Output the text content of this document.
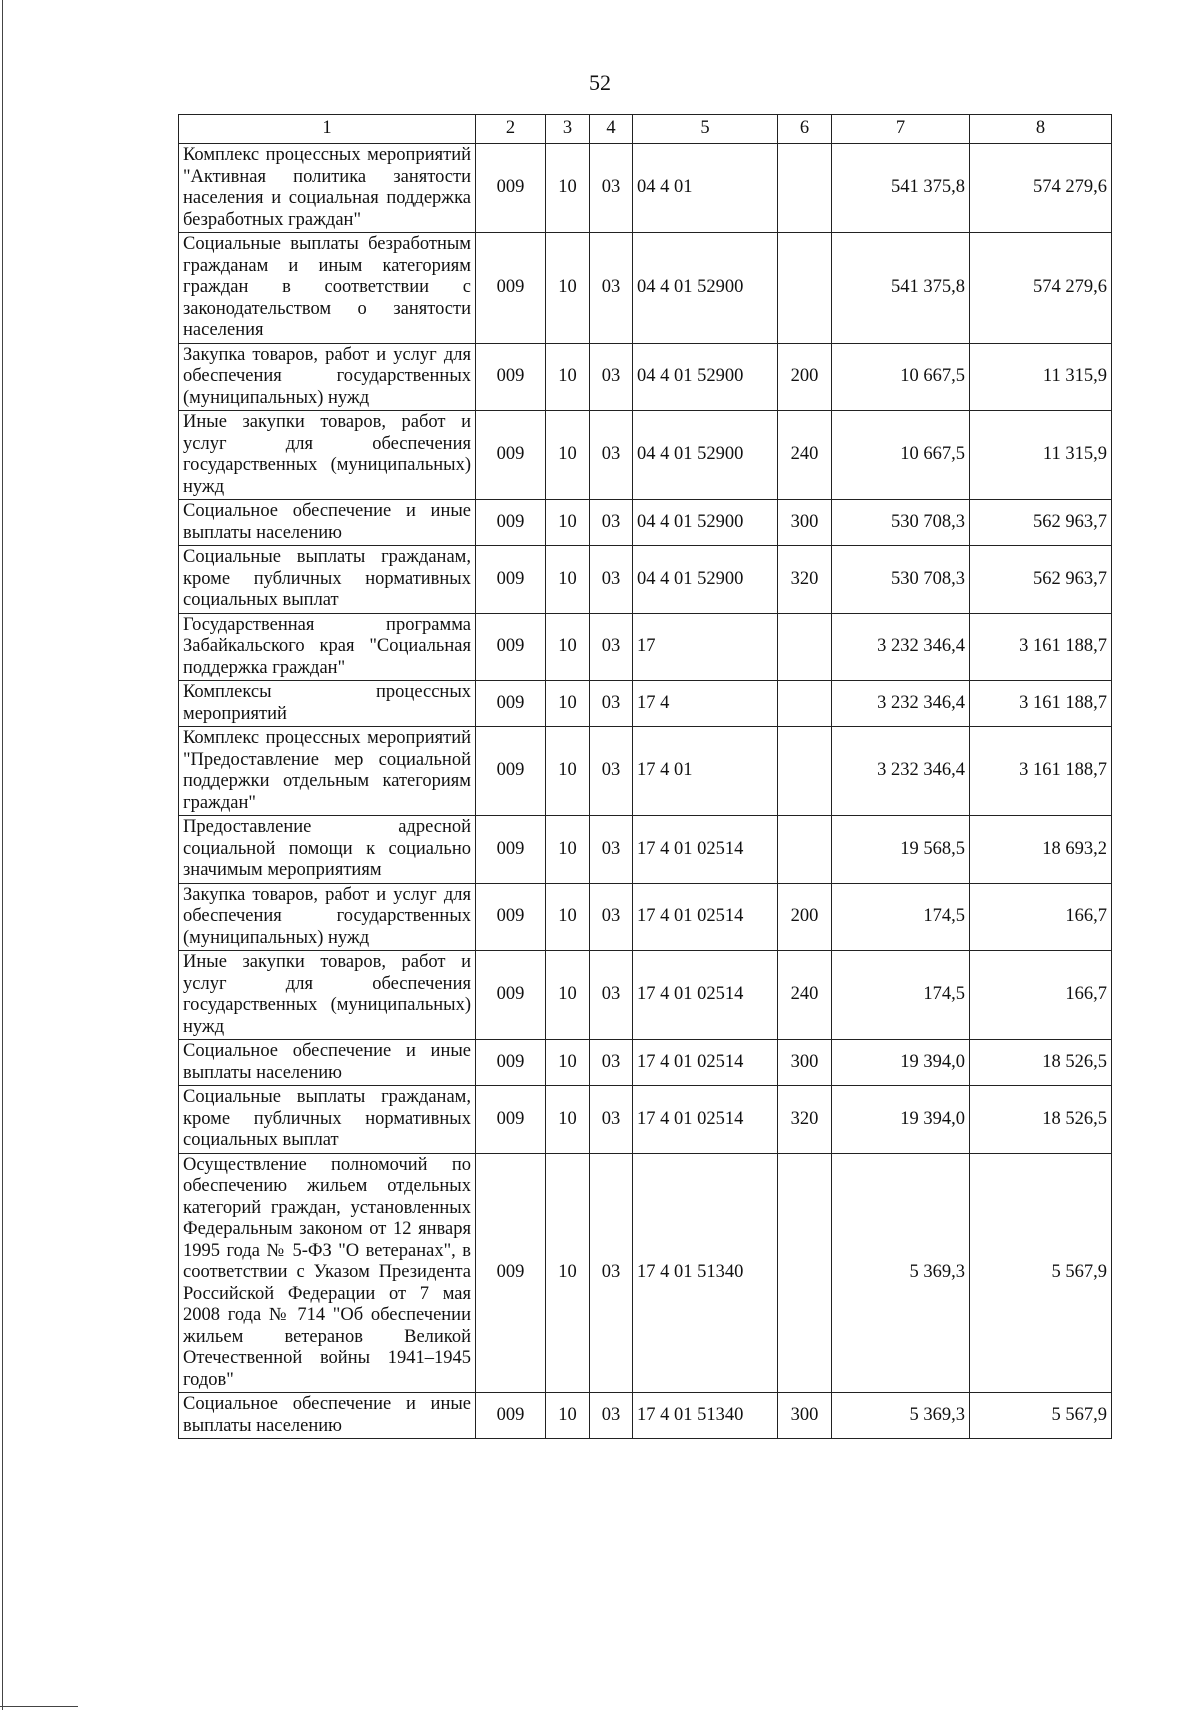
52
1	2	3	4	5	6	7	8
Комплекс процессных мероприятий "Активная политика занятости населения и социальная поддержка безработных граждан"	009	10	03	04 4 01		541 375,8	574 279,6
Социальные выплаты безработным гражданам и иным категориям граждан в соответствии с законодательством о занятости населения	009	10	03	04 4 01 52900		541 375,8	574 279,6
Закупка товаров, работ и услуг для обеспечения государственных (муниципальных) нужд	009	10	03	04 4 01 52900	200	10 667,5	11 315,9
Иные закупки товаров, работ и услуг для обеспечения государственных (муниципальных) нужд	009	10	03	04 4 01 52900	240	10 667,5	11 315,9
Социальное обеспечение и иные выплаты населению	009	10	03	04 4 01 52900	300	530 708,3	562 963,7
Социальные выплаты гражданам, кроме публичных нормативных социальных выплат	009	10	03	04 4 01 52900	320	530 708,3	562 963,7
Государственная программа Забайкальского края "Социальная поддержка граждан"	009	10	03	17		3 232 346,4	3 161 188,7
Комплексы процессных мероприятий	009	10	03	17 4		3 232 346,4	3 161 188,7
Комплекс процессных мероприятий "Предоставление мер социальной поддержки отдельным категориям граждан"	009	10	03	17 4 01		3 232 346,4	3 161 188,7
Предоставление адресной социальной помощи к социально значимым мероприятиям	009	10	03	17 4 01 02514		19 568,5	18 693,2
Закупка товаров, работ и услуг для обеспечения государственных (муниципальных) нужд	009	10	03	17 4 01 02514	200	174,5	166,7
Иные закупки товаров, работ и услуг для обеспечения государственных (муниципальных) нужд	009	10	03	17 4 01 02514	240	174,5	166,7
Социальное обеспечение и иные выплаты населению	009	10	03	17 4 01 02514	300	19 394,0	18 526,5
Социальные выплаты гражданам, кроме публичных нормативных социальных выплат	009	10	03	17 4 01 02514	320	19 394,0	18 526,5
Осуществление полномочий по обеспечению жильем отдельных категорий граждан, установленных Федеральным законом от 12 января 1995 года № 5-ФЗ "О ветеранах", в соответствии с Указом Президента Российской Федерации от 7 мая 2008 года № 714 "Об обеспечении жильем ветеранов Великой Отечественной войны 1941–1945 годов"	009	10	03	17 4 01 51340		5 369,3	5 567,9
Социальное обеспечение и иные выплаты населению	009	10	03	17 4 01 51340	300	5 369,3	5 567,9
